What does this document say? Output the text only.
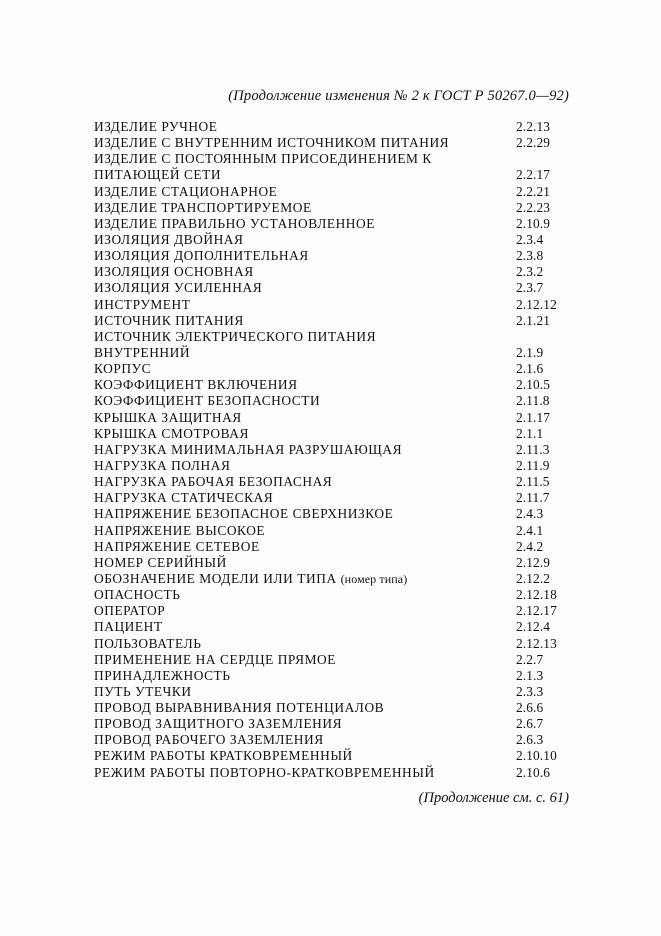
(Продолжение изменения № 2 к ГОСТ Р 50267.0—92)
ИЗДЕЛИЕ РУЧНОЕ	2.2.13
ИЗДЕЛИЕ С ВНУТРЕННИМ ИСТОЧНИКОМ ПИТАНИЯ	2.2.29
ИЗДЕЛИЕ С ПОСТОЯННЫМ ПРИСОЕДИНЕНИЕМ К
ПИТАЮЩЕЙ СЕТИ	2.2.17
ИЗДЕЛИЕ СТАЦИОНАРНОЕ	2.2.21
ИЗДЕЛИЕ ТРАНСПОРТИРУЕМОЕ	2.2.23
ИЗДЕЛИЕ ПРАВИЛЬНО УСТАНОВЛЕННОЕ	2.10.9
ИЗОЛЯЦИЯ ДВОЙНАЯ	2.3.4
ИЗОЛЯЦИЯ ДОПОЛНИТЕЛЬНАЯ	2.3.8
ИЗОЛЯЦИЯ ОСНОВНАЯ	2.3.2
ИЗОЛЯЦИЯ УСИЛЕННАЯ	2.3.7
ИНСТРУМЕНТ	2.12.12
ИСТОЧНИК ПИТАНИЯ	2.1.21
ИСТОЧНИК ЭЛЕКТРИЧЕСКОГО ПИТАНИЯ
ВНУТРЕННИЙ	2.1.9
КОРПУС	2.1.6
КОЭФФИЦИЕНТ ВКЛЮЧЕНИЯ	2.10.5
КОЭФФИЦИЕНТ БЕЗОПАСНОСТИ	2.11.8
КРЫШКА ЗАЩИТНАЯ	2.1.17
КРЫШКА СМОТРОВАЯ	2.1.1
НАГРУЗКА МИНИМАЛЬНАЯ РАЗРУШАЮЩАЯ	2.11.3
НАГРУЗКА ПОЛНАЯ	2.11.9
НАГРУЗКА РАБОЧАЯ БЕЗОПАСНАЯ	2.11.5
НАГРУЗКА СТАТИЧЕСКАЯ	2.11.7
НАПРЯЖЕНИЕ БЕЗОПАСНОЕ СВЕРХНИЗКОЕ	2.4.3
НАПРЯЖЕНИЕ ВЫСОКОЕ	2.4.1
НАПРЯЖЕНИЕ СЕТЕВОЕ	2.4.2
НОМЕР СЕРИЙНЫЙ	2.12.9
ОБОЗНАЧЕНИЕ МОДЕЛИ ИЛИ ТИПА (номер типа)	2.12.2
ОПАСНОСТЬ	2.12.18
ОПЕРАТОР	2.12.17
ПАЦИЕНТ	2.12.4
ПОЛЬЗОВАТЕЛЬ	2.12.13
ПРИМЕНЕНИЕ НА СЕРДЦЕ ПРЯМОЕ	2.2.7
ПРИНАДЛЕЖНОСТЬ	2.1.3
ПУТЬ УТЕЧКИ	2.3.3
ПРОВОД ВЫРАВНИВАНИЯ ПОТЕНЦИАЛОВ	2.6.6
ПРОВОД ЗАЩИТНОГО ЗАЗЕМЛЕНИЯ	2.6.7
ПРОВОД РАБОЧЕГО ЗАЗЕМЛЕНИЯ	2.6.3
РЕЖИМ РАБОТЫ КРАТКОВРЕМЕННЫЙ	2.10.10
РЕЖИМ РАБОТЫ ПОВТОРНО-КРАТКОВРЕМЕННЫЙ	2.10.6
(Продолжение см. с. 61)
